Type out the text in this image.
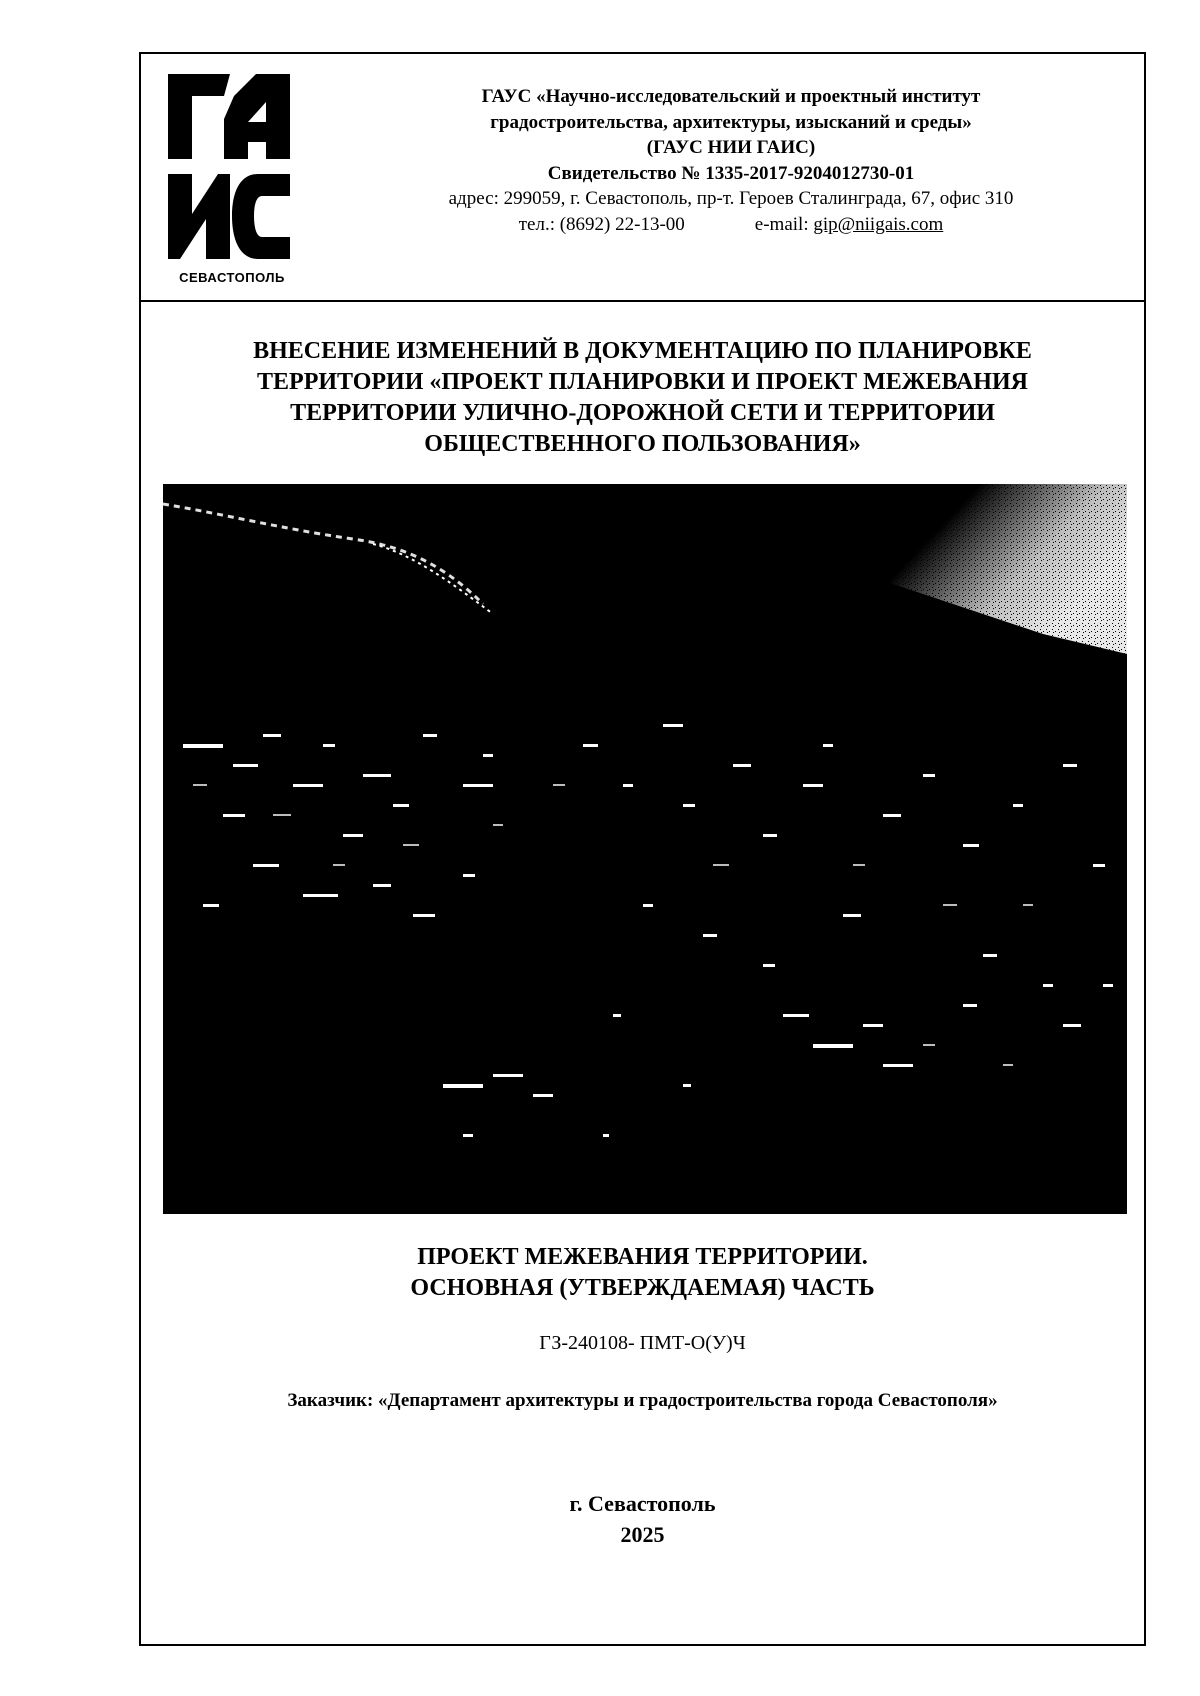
СЕВАСТОПОЛЬ
ГАУС «Научно-исследовательский и проектный институт
градостроительства, архитектуры, изысканий и среды»
(ГАУС НИИ ГАИС)
Свидетельство № 1335-2017-9204012730-01
адрес: 299059, г. Севастополь, пр-т. Героев Сталинграда, 67, офис 310
тел.: (8692) 22-13-00	e-mail: gip@niigais.com
ВНЕСЕНИЕ ИЗМЕНЕНИЙ В ДОКУМЕНТАЦИЮ ПО ПЛАНИРОВКЕ
ТЕРРИТОРИИ «ПРОЕКТ ПЛАНИРОВКИ И ПРОЕКТ МЕЖЕВАНИЯ
ТЕРРИТОРИИ УЛИЧНО-ДОРОЖНОЙ СЕТИ И ТЕРРИТОРИИ
ОБЩЕСТВЕННОГО ПОЛЬЗОВАНИЯ»
ПРОЕКТ МЕЖЕВАНИЯ ТЕРРИТОРИИ.
ОСНОВНАЯ (УТВЕРЖДАЕМАЯ) ЧАСТЬ
ГЗ-240108- ПМТ-О(У)Ч
Заказчик: «Департамент архитектуры и градостроительства города Севастополя»
г. Севастополь
2025
